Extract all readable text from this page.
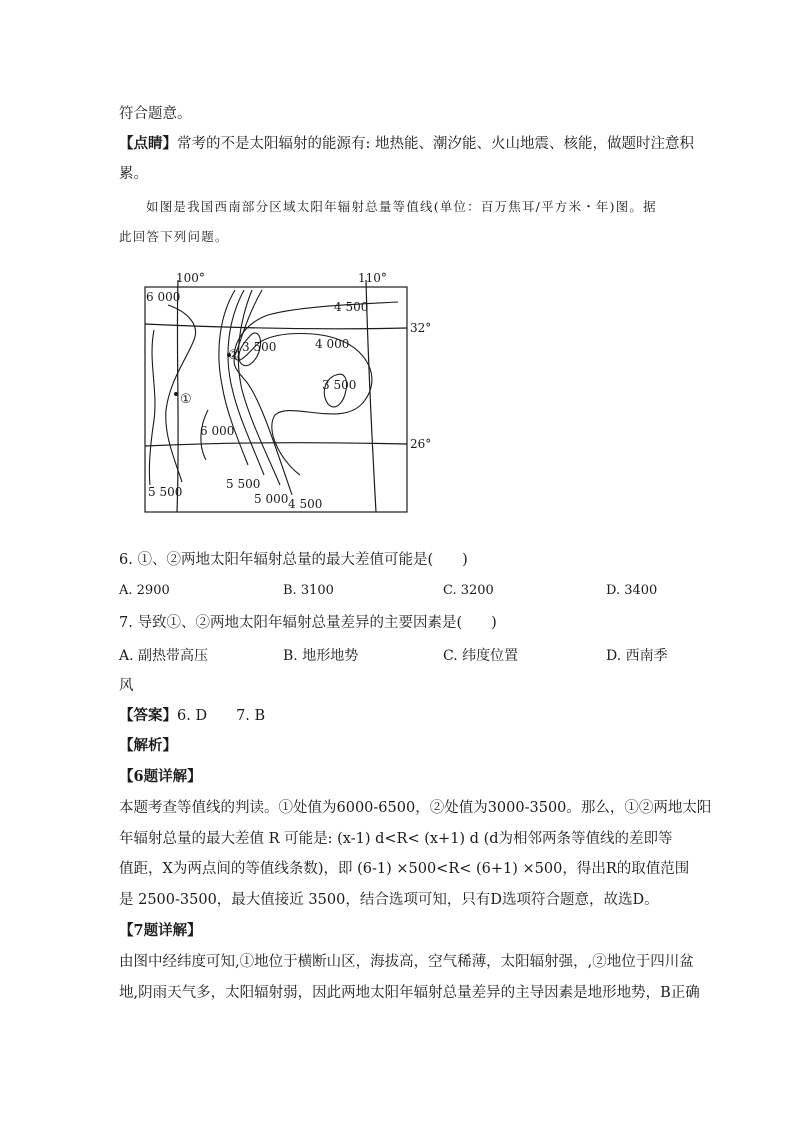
符合题意。
【点睛】常考的不是太阳辐射的能源有: 地热能、潮汐能、火山地震、核能，做题时注意积
累。
如图是我国西南部分区域太阳年辐射总量等值线(单位：百万焦耳/平方米・年)图。据
此回答下列问题。
100°	110°
32°
26°
6 000
4 500
3 500	4 000
3 500
6 000
5 500
5 500
5 000 4 500
①
②
6. ①、②两地太阳年辐射总量的最大差值可能是(　　)
A. 2900	B. 3100	C. 3200	D. 3400
7. 导致①、②两地太阳年辐射总量差异的主要因素是(　　)
A. 副热带高压	B. 地形地势	C. 纬度位置	D. 西南季
风
【答案】6. D　　7. B
【解析】
【6题详解】
本题考查等值线的判读。①处值为6000-6500，②处值为3000-3500。那么，①②两地太阳
年辐射总量的最大差值 R 可能是: (x-1) d<R< (x+1) d (d为相邻两条等值线的差即等
值距，X为两点间的等值线条数)，即 (6-1) ×500<R< (6+1) ×500，得出R的取值范围
是 2500-3500，最大值接近 3500，结合选项可知，只有D选项符合题意，故选D。
【7题详解】
由图中经纬度可知,①地位于横断山区，海拔高，空气稀薄，太阳辐射强，,②地位于四川盆
地,阴雨天气多，太阳辐射弱，因此两地太阳年辐射总量差异的主导因素是地形地势，B正确
